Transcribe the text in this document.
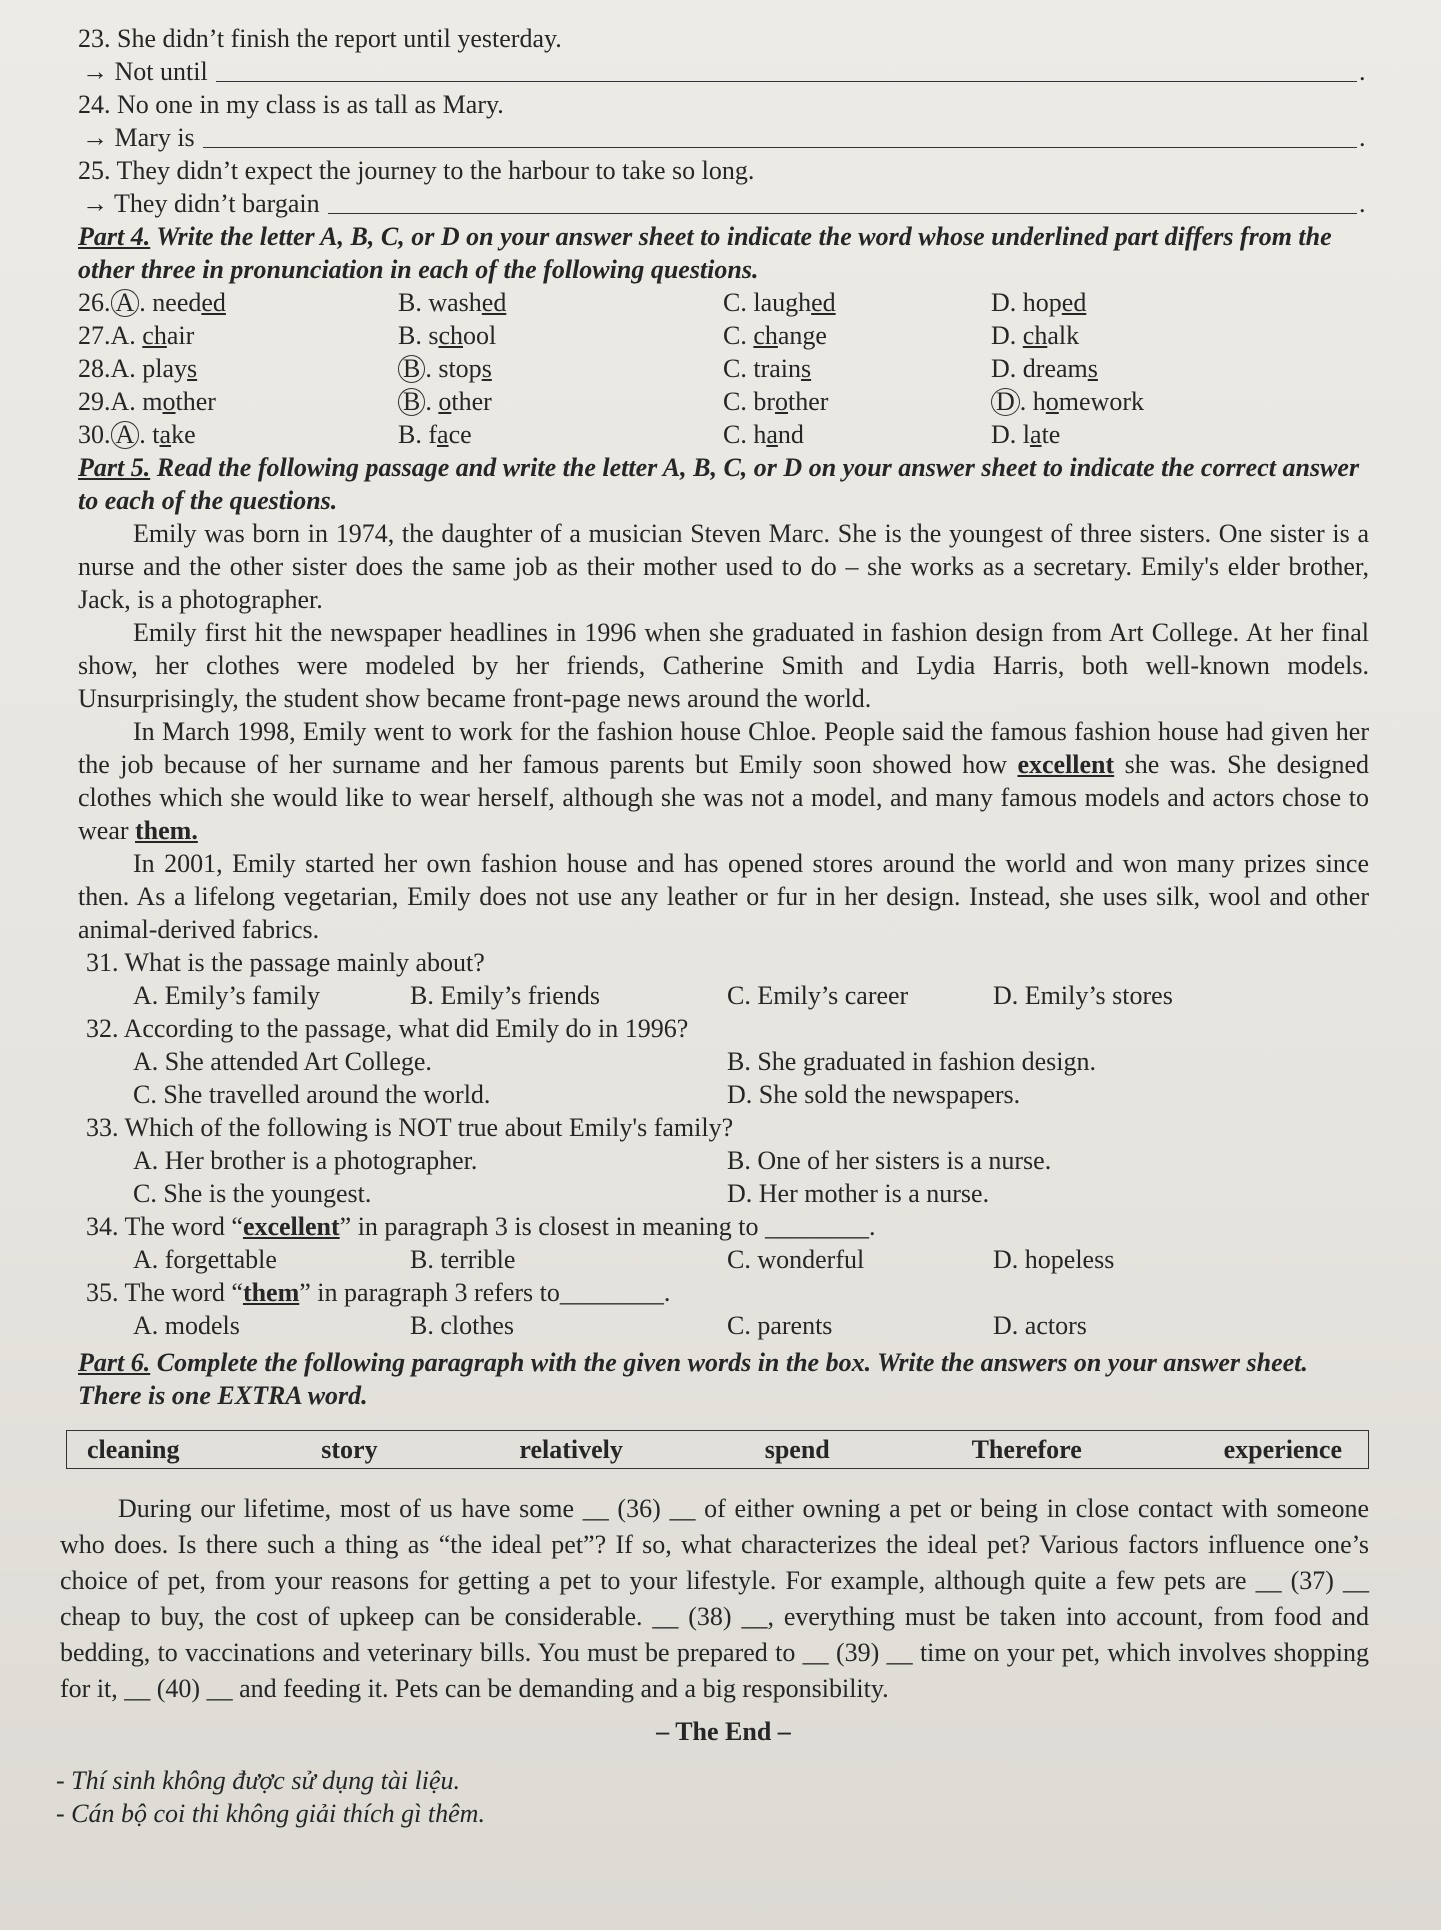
23. She didn’t finish the report until yesterday.
→ Not until	.
24. No one in my class is as tall as Mary.
→ Mary is	.
25. They didn’t expect the journey to the harbour to take so long.
→ They didn’t bargain	.
Part 4. Write the letter A, B, C, or D on your answer sheet to indicate the word whose underlined part differs from the other three in pronunciation in each of the following questions.
26. A . needed	B. washed	C. laughed	D. hoped
27.A. chair	B. school	C. change	D. chalk
28.A. plays	B . stops	C. trains	D. dreams
29.A. mother	B . other	C. brother	D . homework
30. A . take	B. face	C. hand	D. late
Part 5. Read the following passage and write the letter A, B, C, or D on your answer sheet to indicate the correct answer to each of the questions.
Emily was born in 1974, the daughter of a musician Steven Marc. She is the youngest of three sisters. One sister is a nurse and the other sister does the same job as their mother used to do – she works as a secretary. Emily's elder brother, Jack, is a photographer.
Emily first hit the newspaper headlines in 1996 when she graduated in fashion design from Art College. At her final show, her clothes were modeled by her friends, Catherine Smith and Lydia Harris, both well-known models. Unsurprisingly, the student show became front-page news around the world.
In March 1998, Emily went to work for the fashion house Chloe. People said the famous fashion house had given her the job because of her surname and her famous parents but Emily soon showed how excellent she was. She designed clothes which she would like to wear herself, although she was not a model, and many famous models and actors chose to wear them.
In 2001, Emily started her own fashion house and has opened stores around the world and won many prizes since then. As a lifelong vegetarian, Emily does not use any leather or fur in her design. Instead, she uses silk, wool and other animal-derived fabrics.
31. What is the passage mainly about?
A. Emily’s family	B. Emily’s friends	C. Emily’s career	D. Emily’s stores
32. According to the passage, what did Emily do in 1996?
A. She attended Art College.	B. She graduated in fashion design.
C. She travelled around the world.	D. She sold the newspapers.
33. Which of the following is NOT true about Emily's family?
A. Her brother is a photographer.	B. One of her sisters is a nurse.
C. She is the youngest.	D. Her mother is a nurse.
34. The word “excellent” in paragraph 3 is closest in meaning to ________.
A. forgettable	B. terrible	C. wonderful	D. hopeless
35. The word “them” in paragraph 3 refers to________.
A. models	B. clothes	C. parents	D. actors
Part 6. Complete the following paragraph with the given words in the box. Write the answers on your answer sheet. There is one EXTRA word.
cleaning	story	relatively	spend	Therefore	experience
During our lifetime, most of us have some __ (36) __ of either owning a pet or being in close contact with someone who does. Is there such a thing as “the ideal pet”? If so, what characterizes the ideal pet? Various factors influence one’s choice of pet, from your reasons for getting a pet to your lifestyle. For example, although quite a few pets are __ (37) __ cheap to buy, the cost of upkeep can be considerable. __ (38) __, everything must be taken into account, from food and bedding, to vaccinations and veterinary bills. You must be prepared to __ (39) __ time on your pet, which involves shopping for it, __ (40) __ and feeding it. Pets can be demanding and a big responsibility.
– The End –
- Thí sinh không được sử dụng tài liệu.
- Cán bộ coi thi không giải thích gì thêm.
